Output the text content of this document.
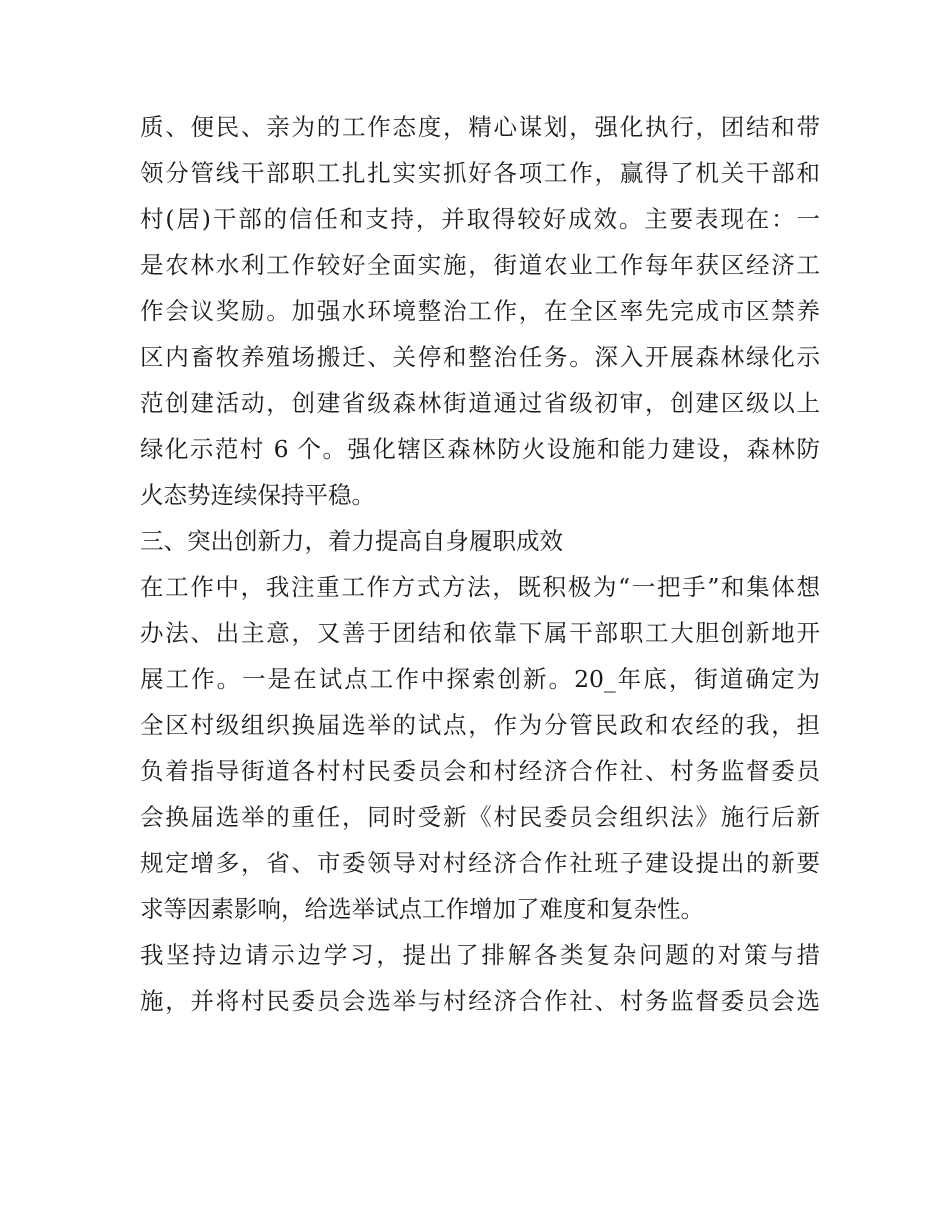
质、便民、亲为的工作态度，精心谋划，强化执行，团结和带
领分管线干部职工扎扎实实抓好各项工作，赢得了机关干部和
村(居)干部的信任和支持，并取得较好成效。主要表现在：一
是农林水利工作较好全面实施，街道农业工作每年获区经济工
作会议奖励。加强水环境整治工作，在全区率先完成市区禁养
区内畜牧养殖场搬迁、关停和整治任务。深入开展森林绿化示
范创建活动，创建省级森林街道通过省级初审，创建区级以上
绿化示范村 6 个。强化辖区森林防火设施和能力建设，森林防
火态势连续保持平稳。
三、突出创新力，着力提高自身履职成效
在工作中，我注重工作方式方法，既积极为“一把手”和集体想
办法、出主意，又善于团结和依靠下属干部职工大胆创新地开
展工作。一是在试点工作中探索创新。20_年底，街道确定为
全区村级组织换届选举的试点，作为分管民政和农经的我，担
负着指导街道各村村民委员会和村经济合作社、村务监督委员
会换届选举的重任，同时受新《村民委员会组织法》施行后新
规定增多，省、市委领导对村经济合作社班子建设提出的新要
求等因素影响，给选举试点工作增加了难度和复杂性。
我坚持边请示边学习，提出了排解各类复杂问题的对策与措
施，并将村民委员会选举与村经济合作社、村务监督委员会选
